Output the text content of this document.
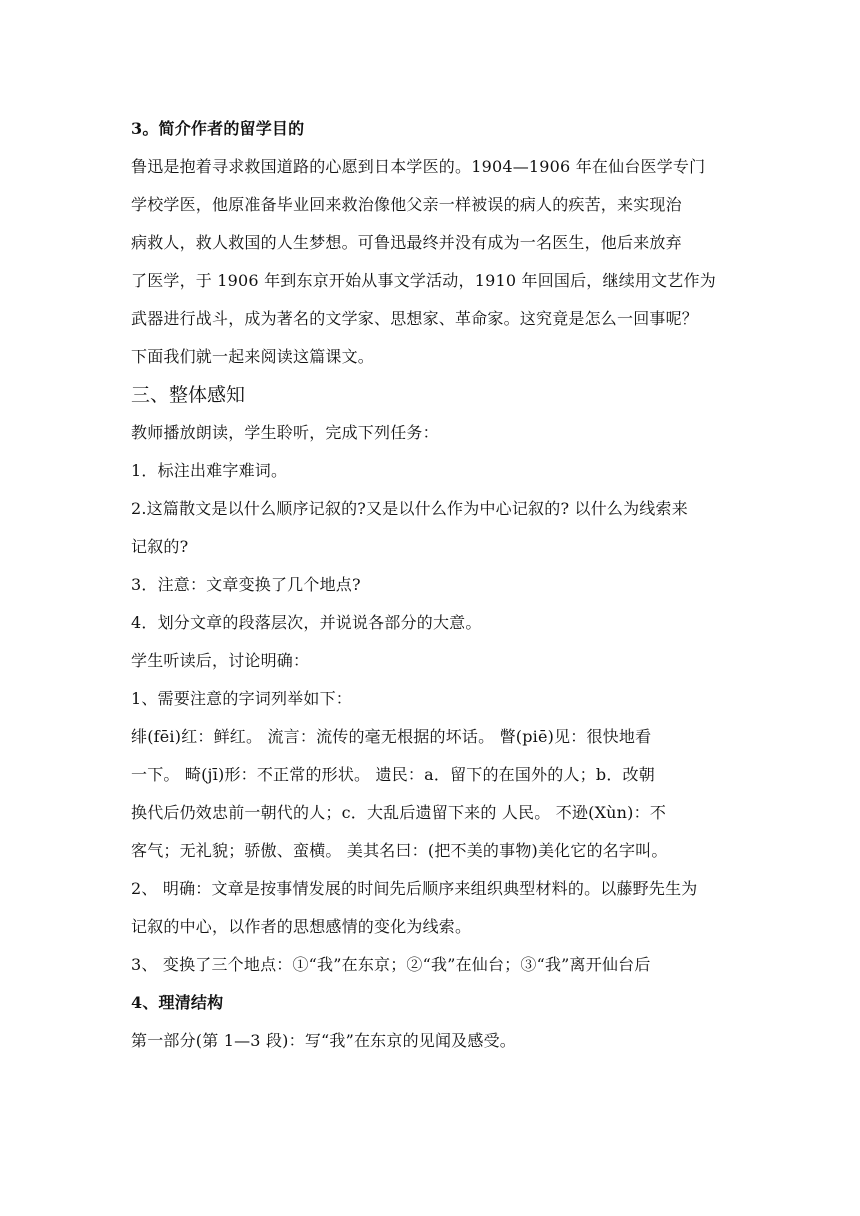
3。简介作者的留学目的
鲁迅是抱着寻求救国道路的心愿到日本学医的。1904—1906 年在仙台医学专门
学校学医，他原准备毕业回来救治像他父亲一样被误的病人的疾苦，来实现治
病救人，救人救国的人生梦想。可鲁迅最终并没有成为一名医生，他后来放弃
了医学，于 1906 年到东京开始从事文学活动，1910 年回国后，继续用文艺作为
武器进行战斗，成为著名的文学家、思想家、革命家。这究竟是怎么一回事呢？
下面我们就一起来阅读这篇课文。
三、整体感知
教师播放朗读，学生聆听，完成下列任务：
1．标注出难字难词。
2.这篇散文是以什么顺序记叙的?又是以什么作为中心记叙的? 以什么为线索来
记叙的?
3．注意：文章变换了几个地点?
4．划分文章的段落层次，并说说各部分的大意。
学生听读后，讨论明确：
1、需要注意的字词列举如下：
绯(fēi)红：鲜红。 流言：流传的毫无根据的坏话。 瞥(piē)见：很快地看
一下。 畸(jī)形：不正常的形状。 遗民：a．留下的在国外的人；b．改朝
换代后仍效忠前一朝代的人；c．大乱后遗留下来的 人民。 不逊(Xùn)：不
客气；无礼貌；骄傲、蛮横。 美其名曰：(把不美的事物)美化它的名字叫。
2、 明确：文章是按事情发展的时间先后顺序来组织典型材料的。以藤野先生为
记叙的中心，以作者的思想感情的变化为线索。
3、 变换了三个地点：①“我”在东京；②“我”在仙台；③“我”离开仙台后
4、理清结构
第一部分(第 1—3 段)：写“我”在东京的见闻及感受。
